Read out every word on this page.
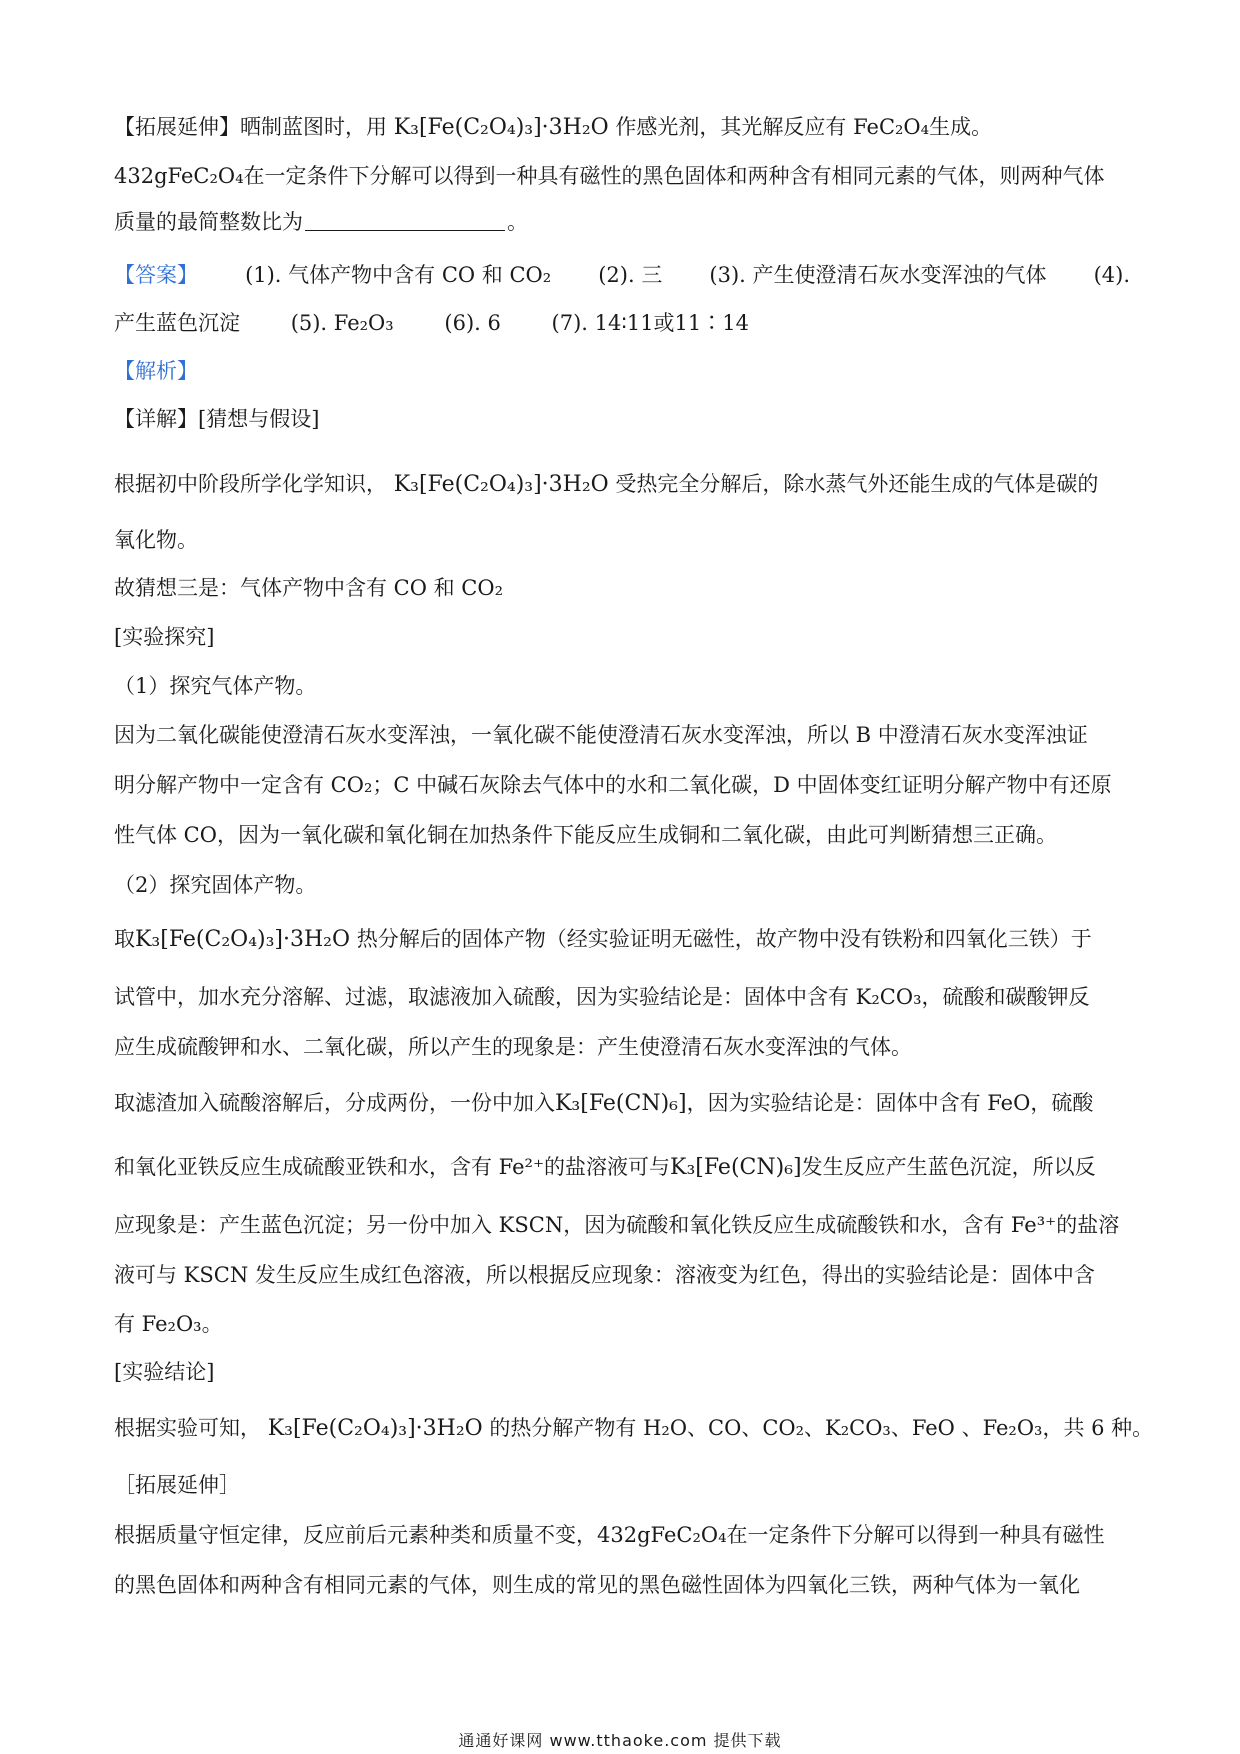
【拓展延伸】晒制蓝图时，用 K₃[Fe(C₂O₄)₃]·3H₂O 作感光剂，其光解反应有 FeC₂O₄生成。
432gFeC₂O₄在一定条件下分解可以得到一种具有磁性的黑色固体和两种含有相同元素的气体，则两种气体
质量的最简整数比为	。
【答案】 (1). 气体产物中含有 CO 和 CO₂ (2). 三 (3). 产生使澄清石灰水变浑浊的气体 (4).
产生蓝色沉淀 (5). Fe₂O₃ (6). 6 (7). 14∶11或11∶14
【解析】
【详解】[猜想与假设]
根据初中阶段所学化学知识， K₃[Fe(C₂O₄)₃]·3H₂O 受热完全分解后，除水蒸气外还能生成的气体是碳的
氧化物。
故猜想三是：气体产物中含有 CO 和 CO₂
[实验探究]
（1）探究气体产物。
因为二氧化碳能使澄清石灰水变浑浊，一氧化碳不能使澄清石灰水变浑浊，所以 B 中澄清石灰水变浑浊证
明分解产物中一定含有 CO₂；C 中碱石灰除去气体中的水和二氧化碳，D 中固体变红证明分解产物中有还原
性气体 CO，因为一氧化碳和氧化铜在加热条件下能反应生成铜和二氧化碳，由此可判断猜想三正确。
（2）探究固体产物。
取K₃[Fe(C₂O₄)₃]·3H₂O 热分解后的固体产物（经实验证明无磁性，故产物中没有铁粉和四氧化三铁）于
试管中，加水充分溶解、过滤，取滤液加入硫酸，因为实验结论是：固体中含有 K₂CO₃，硫酸和碳酸钾反
应生成硫酸钾和水、二氧化碳，所以产生的现象是：产生使澄清石灰水变浑浊的气体。
取滤渣加入硫酸溶解后，分成两份，一份中加入K₃[Fe(CN)₆]，因为实验结论是：固体中含有 FeO，硫酸
和氧化亚铁反应生成硫酸亚铁和水，含有 Fe²⁺的盐溶液可与K₃[Fe(CN)₆]发生反应产生蓝色沉淀，所以反
应现象是：产生蓝色沉淀；另一份中加入 KSCN，因为硫酸和氧化铁反应生成硫酸铁和水，含有 Fe³⁺的盐溶
液可与 KSCN 发生反应生成红色溶液，所以根据反应现象：溶液变为红色，得出的实验结论是：固体中含
有 Fe₂O₃。
[实验结论]
根据实验可知， K₃[Fe(C₂O₄)₃]·3H₂O 的热分解产物有 H₂O、CO、CO₂、K₂CO₃、FeO 、Fe₂O₃，共 6 种。
［拓展延伸］
根据质量守恒定律，反应前后元素种类和质量不变，432gFeC₂O₄在一定条件下分解可以得到一种具有磁性
的黑色固体和两种含有相同元素的气体，则生成的常见的黑色磁性固体为四氧化三铁，两种气体为一氧化
通通好课网 www.tthaoke.com 提供下载
